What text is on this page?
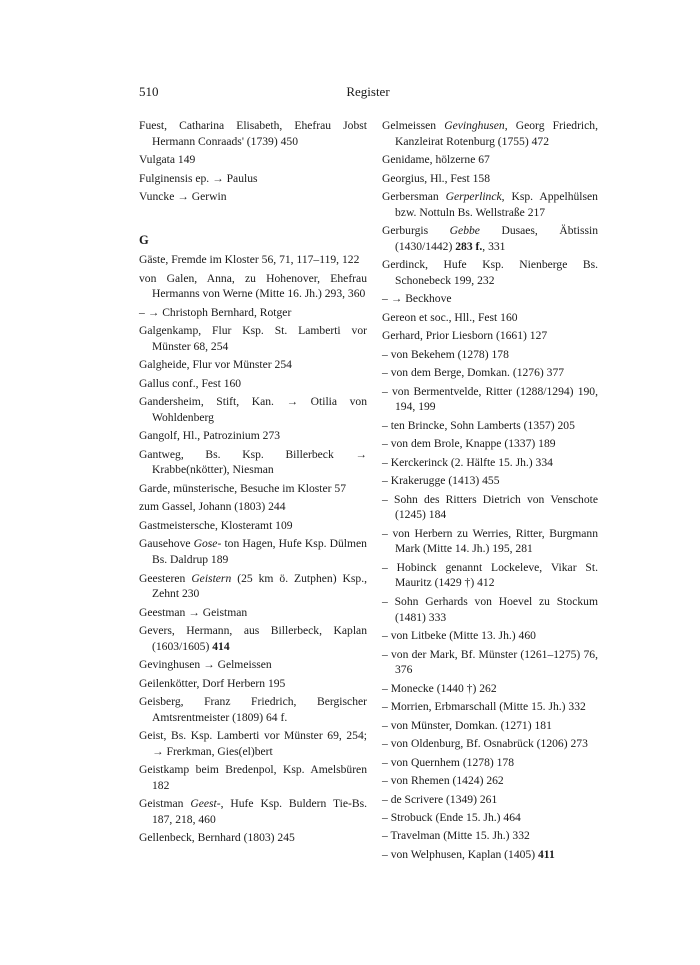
510	Register
Fuest, Catharina Elisabeth, Ehefrau Jobst Hermann Conraads' (1739) 450
Vulgata 149
Fulginensis ep. → Paulus
Vuncke → Gerwin
G
Gäste, Fremde im Kloster 56, 71, 117–119, 122
von Galen, Anna, zu Hohenover, Ehefrau Hermanns von Werne (Mitte 16. Jh.) 293, 360
– → Christoph Bernhard, Rotger
Galgenkamp, Flur Ksp. St. Lamberti vor Münster 68, 254
Galgheide, Flur vor Münster 254
Gallus conf., Fest 160
Gandersheim, Stift, Kan. → Otilia von Wohldenberg
Gangolf, Hl., Patrozinium 273
Gantweg, Bs. Ksp. Billerbeck → Krabbe(nkötter), Niesman
Garde, münsterische, Besuche im Kloster 57
zum Gassel, Johann (1803) 244
Gastmeistersche, Klosteramt 109
Gausehove Gose- ton Hagen, Hufe Ksp. Dülmen Bs. Daldrup 189
Geesteren Geistern (25 km ö. Zutphen) Ksp., Zehnt 230
Geestman → Geistman
Gevers, Hermann, aus Billerbeck, Kaplan (1603/1605) 414
Gevinghusen → Gelmeissen
Geilenkötter, Dorf Herbern 195
Geisberg, Franz Friedrich, Bergischer Amtsrentmeister (1809) 64 f.
Geist, Bs. Ksp. Lamberti vor Münster 69, 254; → Frerkman, Gies(el)bert
Geistkamp beim Bredenpol, Ksp. Amelsbüren 182
Geistman Geest-, Hufe Ksp. Buldern Tie-Bs. 187, 218, 460
Gellenbeck, Bernhard (1803) 245
Gelmeissen Gevinghusen, Georg Friedrich, Kanzleirat Rotenburg (1755) 472
Genidame, hölzerne 67
Georgius, Hl., Fest 158
Gerbersman Gerperlinck, Ksp. Appelhülsen bzw. Nottuln Bs. Wellstraße 217
Gerburgis Gebbe Dusaes, Äbtissin (1430/1442) 283 f., 331
Gerdinck, Hufe Ksp. Nienberge Bs. Schonebeck 199, 232
– → Beckhove
Gereon et soc., Hll., Fest 160
Gerhard, Prior Liesborn (1661) 127
– von Bekehem (1278) 178
– von dem Berge, Domkan. (1276) 377
– von Bermentvelde, Ritter (1288/1294) 190, 194, 199
– ten Brincke, Sohn Lamberts (1357) 205
– von dem Brole, Knappe (1337) 189
– Kerckerinck (2. Hälfte 15. Jh.) 334
– Krakerugge (1413) 455
– Sohn des Ritters Dietrich von Venschote (1245) 184
– von Herbern zu Werries, Ritter, Burgmann Mark (Mitte 14. Jh.) 195, 281
– Hobinck genannt Lockeleve, Vikar St. Mauritz (1429 †) 412
– Sohn Gerhards von Hoevel zu Stockum (1481) 333
– von Litbeke (Mitte 13. Jh.) 460
– von der Mark, Bf. Münster (1261–1275) 76, 376
– Monecke (1440 †) 262
– Morrien, Erbmarschall (Mitte 15. Jh.) 332
– von Münster, Domkan. (1271) 181
– von Oldenburg, Bf. Osnabrück (1206) 273
– von Quernhem (1278) 178
– von Rhemen (1424) 262
– de Scrivere (1349) 261
– Strobuck (Ende 15. Jh.) 464
– Travelman (Mitte 15. Jh.) 332
– von Welphusen, Kaplan (1405) 411
